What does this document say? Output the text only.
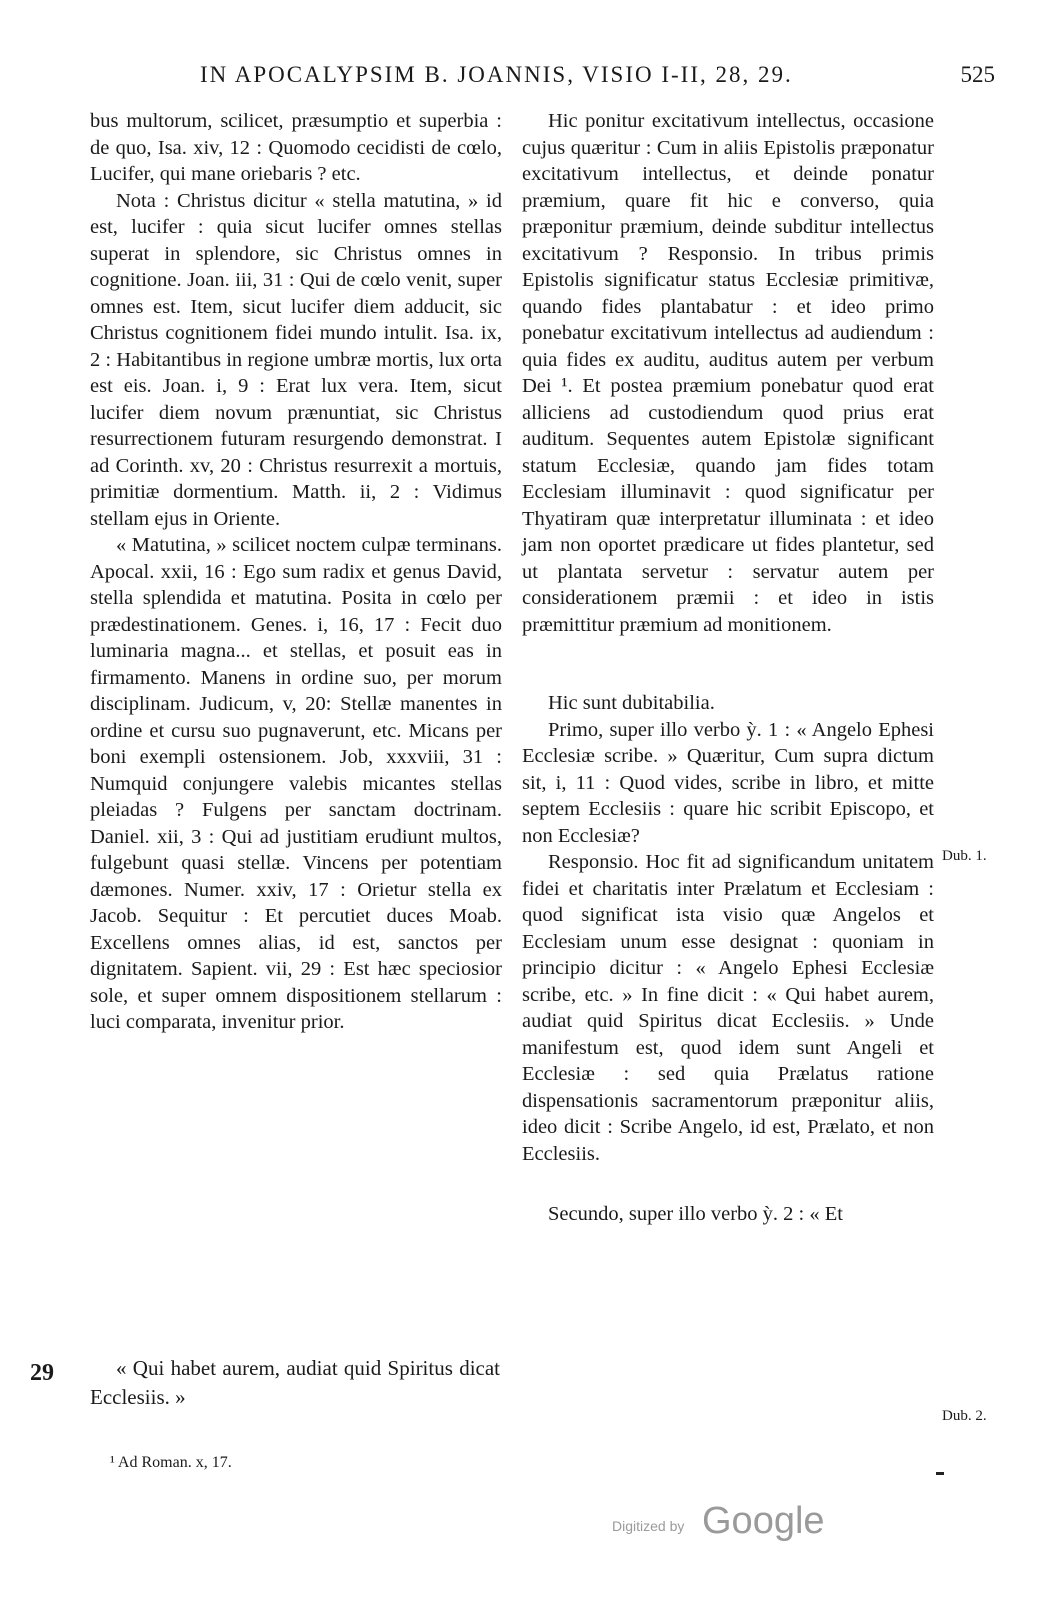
IN APOCALYPSIM B. JOANNIS, VISIO I-II, 28, 29.	525

bus multorum, scilicet, præsumptio et superbia : de quo, Isa. xiv, 12 : Quomodo cecidisti de cœlo, Lucifer, qui mane oriebaris ? etc.

Nota : Christus dicitur « stella matutina, » id est, lucifer : quia sicut lucifer omnes stellas superat in splendore, sic Christus omnes in cognitione. Joan. iii, 31 : Qui de cœlo venit, super omnes est. Item, sicut lucifer diem adducit, sic Christus cognitionem fidei mundo intulit. Isa. ix, 2 : Habitantibus in regione umbræ mortis, lux orta est eis. Joan. i, 9 : Erat lux vera. Item, sicut lucifer diem novum prænuntiat, sic Christus resurrectionem futuram resurgendo demonstrat. I ad Corinth. xv, 20 : Christus resurrexit a mortuis, primitiæ dormentium. Matth. ii, 2 : Vidimus stellam ejus in Oriente.

« Matutina, » scilicet noctem culpæ terminans. Apocal. xxii, 16 : Ego sum radix et genus David, stella splendida et matutina. Posita in cœlo per prædestinationem. Genes. i, 16, 17 : Fecit duo luminaria magna... et stellas, et posuit eas in firmamento. Manens in ordine suo, per morum disciplinam. Judicum, v, 20: Stellæ manentes in ordine et cursu suo pugnaverunt, etc. Micans per boni exempli ostensionem. Job, xxxviii, 31 : Numquid conjungere valebis micantes stellas pleiadas ? Fulgens per sanctam doctrinam. Daniel. xii, 3 : Qui ad justitiam erudiunt multos, fulgebunt quasi stellæ. Vincens per potentiam dæmones. Numer. xxiv, 17 : Orietur stella ex Jacob. Sequitur : Et percutiet duces Moab. Excellens omnes alias, id est, sanctos per dignitatem. Sapient. vii, 29 : Est hæc speciosior sole, et super omnem dispositionem stellarum : luci comparata, invenitur prior.

29	« Qui habet aurem, audiat quid Spiritus dicat Ecclesiis. »

Hic ponitur excitativum intellectus, occasione cujus quæritur : Cum in aliis Epistolis præponatur excitativum intellectus, et deinde ponatur præmium, quare fit hic e converso, quia præponitur præmium, deinde subditur intellectus excitativum ? Responsio. In tribus primis Epistolis significatur status Ecclesiæ primitivæ, quando fides plantabatur : et ideo primo ponebatur excitativum intellectus ad audiendum : quia fides ex auditu, auditus autem per verbum Dei ¹. Et postea præmium ponebatur quod erat alliciens ad custodiendum quod prius erat auditum. Sequentes autem Epistolæ significant statum Ecclesiæ, quando jam fides totam Ecclesiam illuminavit : quod significatur per Thyatiram quæ interpretatur illuminata : et ideo jam non oportet prædicare ut fides plantetur, sed ut plantata servetur : servatur autem per considerationem præmii : et ideo in istis præmittitur præmium ad monitionem.

Hic sunt dubitabilia.

Primo, super illo verbo ỳ. 1 : « Angelo Ephesi Ecclesiæ scribe. » Quæritur, Cum supra dictum sit, i, 11 : Quod vides, scribe in libro, et mitte septem Ecclesiis : quare hic scribit Episcopo, et non Ecclesiæ?

Responsio. Hoc fit ad significandum unitatem fidei et charitatis inter Prælatum et Ecclesiam : quod significat ista visio quæ Angelos et Ecclesiam unum esse designat : quoniam in principio dicitur : « Angelo Ephesi Ecclesiæ scribe, etc. » In fine dicit : « Qui habet aurem, audiat quid Spiritus dicat Ecclesiis. » Unde manifestum est, quod idem sunt Angeli et Ecclesiæ : sed quia Prælatus ratione dispensationis sacramentorum præponitur aliis, ideo dicit : Scribe Angelo, id est, Prælato, et non Ecclesiis.

Secundo, super illo verbo ỳ. 2 : « Et

Dub. 1.
Dub. 2.
¹ Ad Roman. x, 17.
Digitized by Google
